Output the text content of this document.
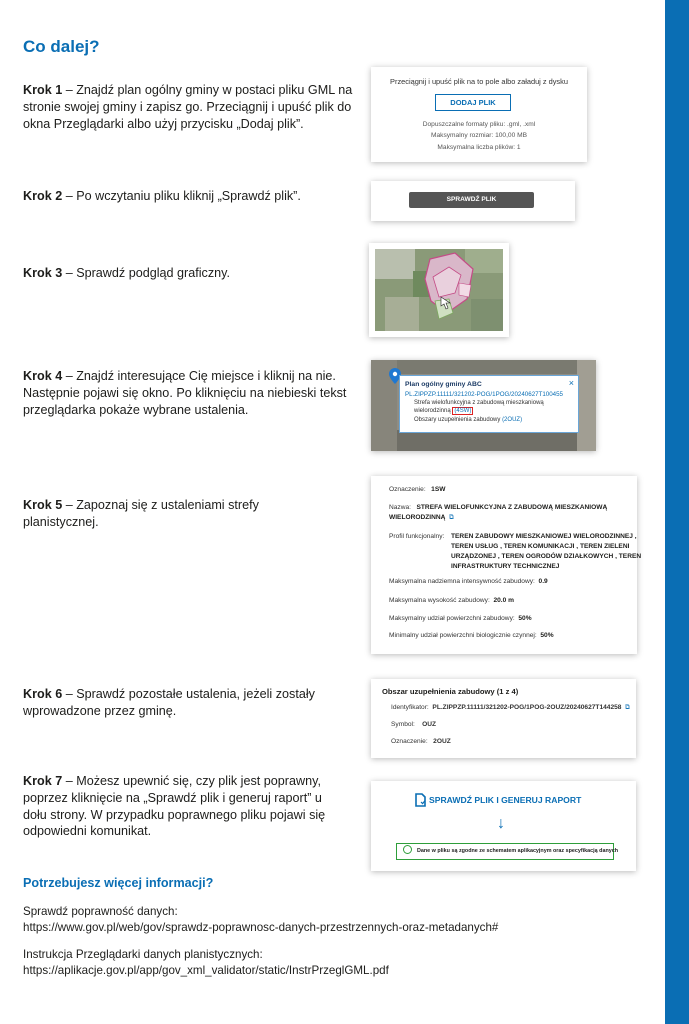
Co dalej?
Krok 1 – Znajdź plan ogólny gminy w postaci pliku GML na stronie swojej gminy i zapisz go. Przeciągnij i upuść plik do okna Przeglądarki albo użyj przycisku „Dodaj plik”.
Krok 2 – Po wczytaniu pliku kliknij „Sprawdź plik”.
Krok 3 – Sprawdź podgląd graficzny.
Krok 4 – Znajdź interesujące Cię miejsce i kliknij na nie. Następnie pojawi się okno. Po kliknięciu na niebieski tekst przeglądarka pokaże wybrane ustalenia.
Krok 5 – Zapoznaj się z ustaleniami strefy planistycznej.
Krok 6 – Sprawdź pozostałe ustalenia, jeżeli zostały wprowadzone przez gminę.
Krok 7 – Możesz upewnić się, czy plik jest poprawny, poprzez kliknięcie na „Sprawdź plik i generuj raport” u dołu strony. W przypadku poprawnego pliku pojawi się odpowiedni komunikat.
Przeciągnij i upuść plik na to pole albo załaduj z dysku
DODAJ PLIK
Dopuszczalne formaty pliku: .gml, .xml
Maksymalny rozmiar: 100,00 MB
Maksymalna liczba plików: 1
SPRAWDŹ PLIK
Plan ogólny gminy ABC	×
PL.ZIPPZP.11111/321202-POG/1POG/20240627T100455
Strefa wielofunkcyjna z zabudową mieszkaniową
wielorodzinną (4SW)
Obszary uzupełnienia zabudowy (2OUZ)
Oznaczenie: 1SW
Nazwa: STREFA WIELOFUNKCYJNA Z ZABUDOWĄ MIESZKANIOWĄ
WIELORODZINNĄ ⧉
Profil funkcjonalny: TEREN ZABUDOWY MIESZKANIOWEJ WIELORODZINNEJ ,
TEREN USŁUG , TEREN KOMUNIKACJI , TEREN ZIELENI
URZĄDZONEJ , TEREN OGRODÓW DZIAŁKOWYCH , TEREN
INFRASTRUKTURY TECHNICZNEJ
Maksymalna nadziemna intensywność zabudowy: 0.9
Maksymalna wysokość zabudowy: 20.0 m
Maksymalny udział powierzchni zabudowy: 50%
Minimalny udział powierzchni biologicznie czynnej: 50%
Obszar uzupełnienia zabudowy (1 z 4)
Identyfikator: PL.ZIPPZP.11111/321202-POG/1POG-2OUZ/20240627T144258 ⧉
Symbol: OUZ
Oznaczenie: 2OUZ
SPRAWDŹ PLIK I GENERUJ RAPORT
↓
Dane w pliku są zgodne ze schematem aplikacyjnym oraz specyfikacją danych
Potrzebujesz więcej informacji?
Sprawdź poprawność danych:
https://www.gov.pl/web/gov/sprawdz-poprawnosc-danych-przestrzennych-oraz-metadanych#
Instrukcja Przeglądarki danych planistycznych:
https://aplikacje.gov.pl/app/gov_xml_validator/static/InstrPrzeglGML.pdf
